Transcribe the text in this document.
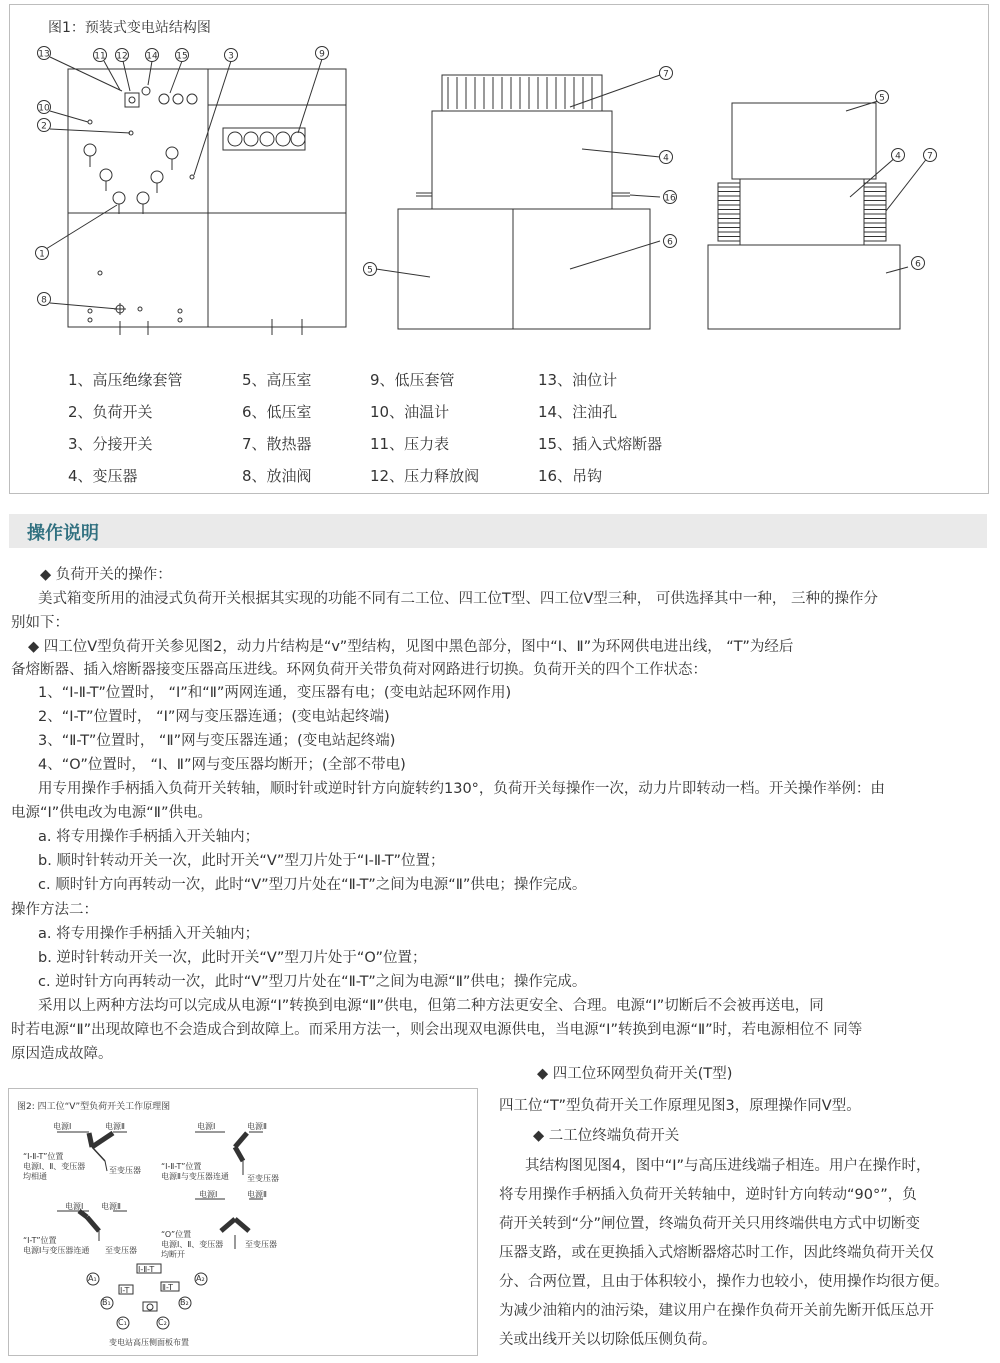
13	11 12 14 15	3	9
10
2
1
8
7
4
16
5
6
5
4	7
6
图1：预装式变电站结构图
1、高压绝缘套管	5、高压室	9、低压套管	13、油位计
2、负荷开关	6、低压室	10、油温计	14、注油孔
3、分接开关	7、散热器	11、压力表	15、插入式熔断器
4、变压器	8、放油阀	12、压力释放阀	16、吊钩
操作说明
◆ 负荷开关的操作：
美式箱变所用的油浸式负荷开关根据其实现的功能不同有二工位、四工位T型、四工位V型三种， 可供选择其中一种， 三种的操作分
别如下：
◆ 四工位V型负荷开关参见图2，动力片结构是“v”型结构，见图中黑色部分，图中“Ⅰ、Ⅱ”为环网供电进出线， “T”为经后
备熔断器、插入熔断器接变压器高压进线。环网负荷开关带负荷对网路进行切换。负荷开关的四个工作状态：
1、“Ⅰ-Ⅱ-T”位置时， “Ⅰ”和“Ⅱ”两网连通，变压器有电；(变电站起环网作用)
2、“Ⅰ-T”位置时， “Ⅰ”网与变压器连通；(变电站起终端)
3、“Ⅱ-T”位置时， “Ⅱ”网与变压器连通；(变电站起终端)
4、“O”位置时， “Ⅰ、Ⅱ”网与变压器均断开；(全部不带电)
用专用操作手柄插入负荷开关转轴，顺时针或逆时针方向旋转约130°，负荷开关每操作一次，动力片即转动一档。开关操作举例：由
电源“Ⅰ”供电改为电源“Ⅱ”供电。
a. 将专用操作手柄插入开关轴内；
b. 顺时针转动开关一次，此时开关“V”型刀片处于“Ⅰ-Ⅱ-T”位置；
c. 顺时针方向再转动一次，此时“V”型刀片处在“Ⅱ-T”之间为电源“Ⅱ”供电；操作完成。
操作方法二：
a. 将专用操作手柄插入开关轴内；
b. 逆时针转动开关一次，此时开关“V”型刀片处于“O”位置；
c. 逆时针方向再转动一次，此时“V”型刀片处在“Ⅱ-T”之间为电源“Ⅱ”供电；操作完成。
采用以上两种方法均可以完成从电源“Ⅰ”转换到电源“Ⅱ”供电，但第二种方法更安全、合理。电源“Ⅰ”切断后不会被再送电，同
时若电源“Ⅱ”出现故障也不会造成合到故障上。而采用方法一，则会出现双电源供电，当电源“Ⅰ”转换到电源“Ⅱ”时，若电源相位不 同等
原因造成故障。
图2: 四工位“V”型负荷开关工作原理图
电源Ⅰ	电源Ⅱ
“Ⅰ-Ⅱ-T”位置
电源Ⅰ、Ⅱ、变压器
均相通
至变压器
电源Ⅰ	电源Ⅱ
“Ⅰ-Ⅱ-T”位置
电源Ⅱ与变压器连通 至变压器
电源Ⅰ 电源Ⅱ
“Ⅰ-T”位置
电源Ⅰ与变压器连通 至变压器
电源Ⅰ	电源Ⅱ
“O”位置
电源Ⅰ、Ⅱ、变压器
均断开
至变压器
Ⅰ-Ⅱ-T
Ⅰ-T	Ⅱ-T
A₁	A₂
B₁	B₂
C₁	C₂
变电站高压侧面板布置
◆ 四工位环网型负荷开关(T型)
四工位“T”型负荷开关工作原理见图3，原理操作同V型。
◆ 二工位终端负荷开关
其结构图见图4，图中“I”与高压进线端子相连。用户在操作时，
将专用操作手柄插入负荷开关转轴中，逆时针方向转动“90°”，负
荷开关转到“分”闸位置，终端负荷开关只用终端供电方式中切断变
压器支路，或在更换插入式熔断器熔芯时工作，因此终端负荷开关仅
分、合两位置，且由于体积较小，操作力也较小，使用操作均很方便。
为减少油箱内的油污染，建议用户在操作负荷开关前先断开低压总开
关或出线开关以切除低压侧负荷。
